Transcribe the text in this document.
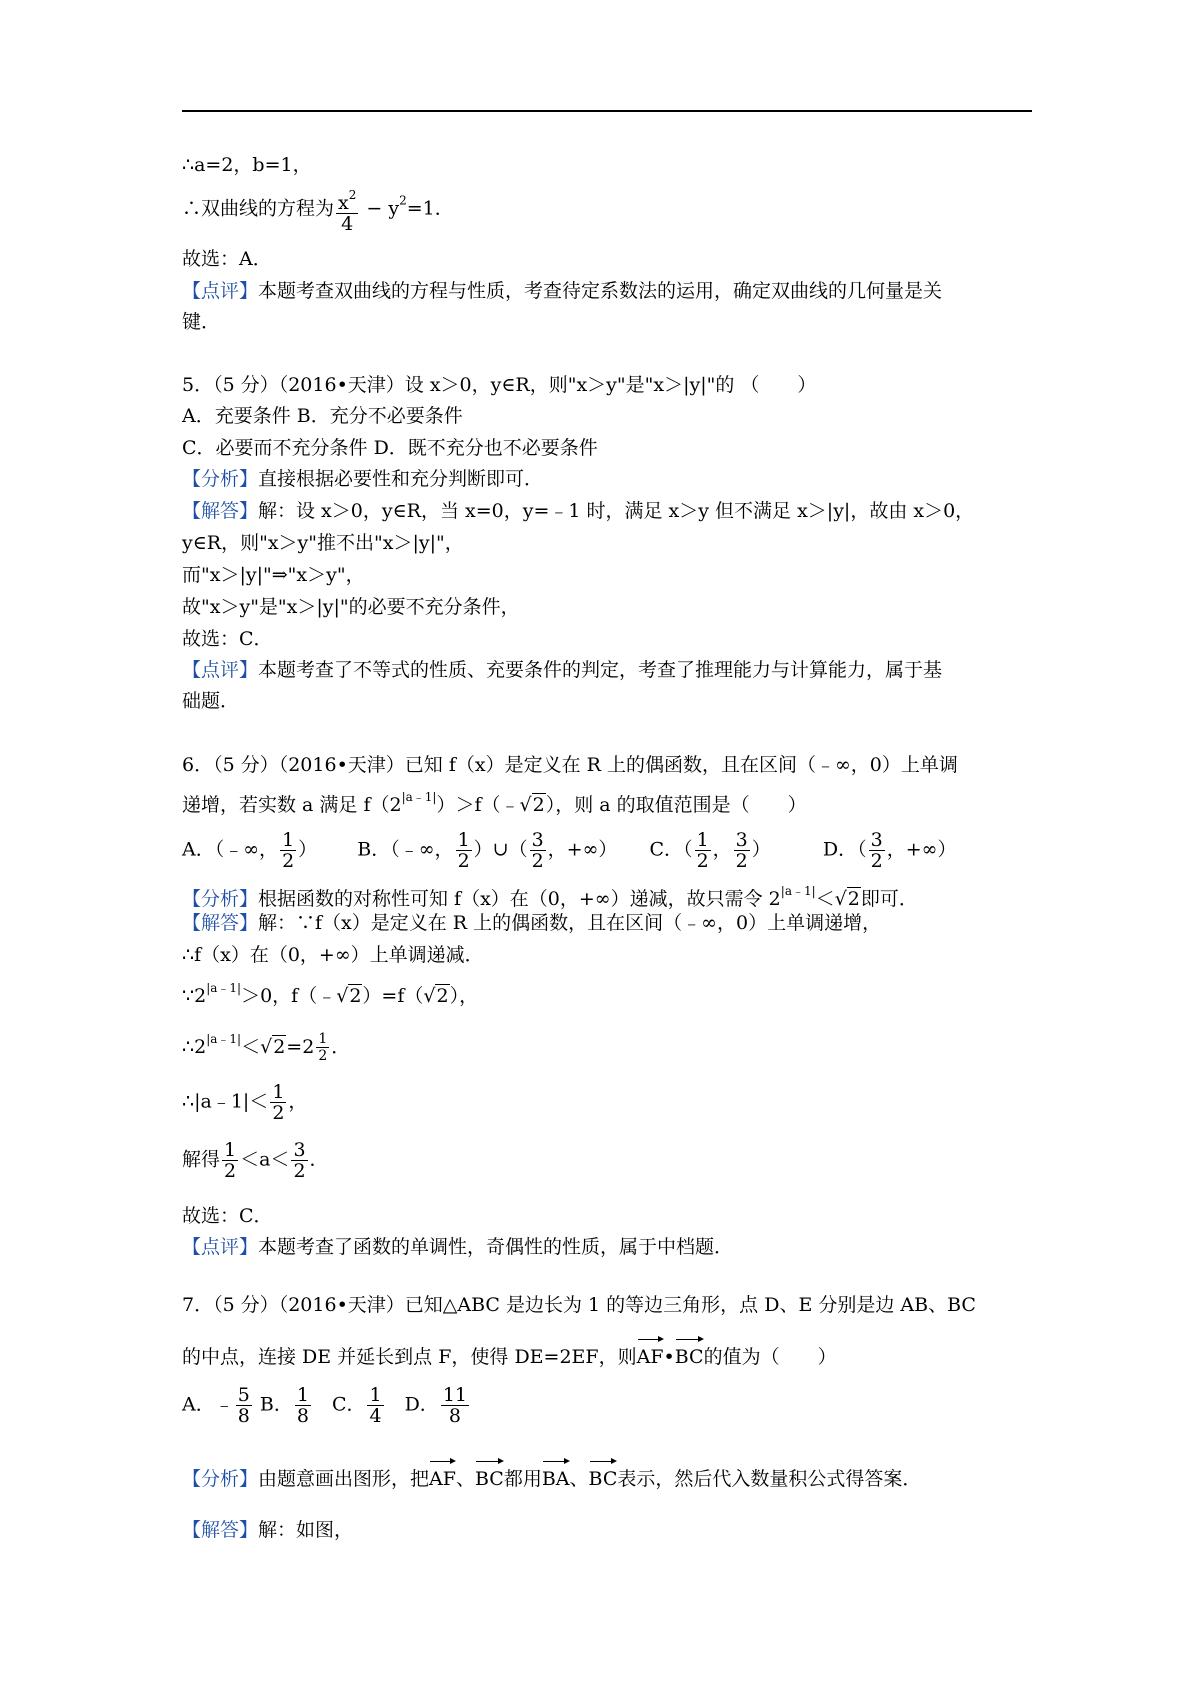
∴a=2，b=1，
∴双曲线的方程为 $\frac{x^2}{4} - y^2=1$．
故选：A．
【点评】本题考查双曲线的方程与性质，考查待定系数法的运用，确定双曲线的几何量是关
键．
5．（5 分）（2016•天津）设 x＞0，y∈R，则"x＞y"是"x＞|y|"的 （　　）
A．充要条件 B．充分不必要条件
C．必要而不充分条件 D．既不充分也不必要条件
【分析】直接根据必要性和充分判断即可．
【解答】解：设 x＞0，y∈R，当 x=0，y=﹣1 时，满足 x＞y 但不满足 x＞|y|，故由 x＞0，
y∈R，则"x＞y"推不出"x＞|y|"，
而"x＞|y|"⇒"x＞y"，
故"x＞y"是"x＞|y|"的必要不充分条件，
故选：C．
【点评】本题考查了不等式的性质、充要条件的判定，考查了推理能力与计算能力，属于基
础题．
6．（5 分）（2016•天津）已知 f（x）是定义在 R 上的偶函数，且在区间（﹣∞，0）上单调
递增，若实数 a 满足 $f(2^{|a﹣1|})>f(﹣√2)$，则 a 的取值范围是（　　）
A．（﹣∞， $\frac{1}{2}$ ） B．（﹣∞， $\frac{1}{2}$ ）∪（ $\frac{3}{2}$ ，+∞） C．（ $\frac{1}{2}$ ， $\frac{3}{2}$ ）	D．（ $\frac{3}{2}$ ，+∞）
【分析】根据函数的对称性可知 f（x）在（0，+∞）递减，故只需令 $2^{|a﹣1|}<√2$即可．
【解答】解：∵f（x）是定义在 R 上的偶函数，且在区间（﹣∞，0）上单调递增，
∴f（x）在（0，+∞）上单调递减．
$\because 2^{|a﹣1|}>0$，f（﹣√2）=f（√2），
$\therefore 2^{|a﹣1|}<√2=2 \frac{1}{2}$ ．
∴|a﹣1|＜ $\frac{1}{2}$ ，
解得 $\frac{1}{2} <a< \frac{3}{2}$ ．
故选：C．
【点评】本题考查了函数的单调性，奇偶性的性质，属于中档题．
7．（5 分）（2016•天津）已知△ABC 是边长为 1 的等边三角形，点 D、E 分别是边 AB、BC
的中点，连接 DE 并延长到点 F，使得 DE=2EF，则AF•BC的值为（　　）
A．﹣ $\frac{5}{8}$ B． $\frac{1}{8}$ 　C． $\frac{1}{4}$ 　D． $\frac{11}{8}$
【分析】由题意画出图形，把AF、BC都用BA、BC表示，然后代入数量积公式得答案．
【解答】解：如图，
